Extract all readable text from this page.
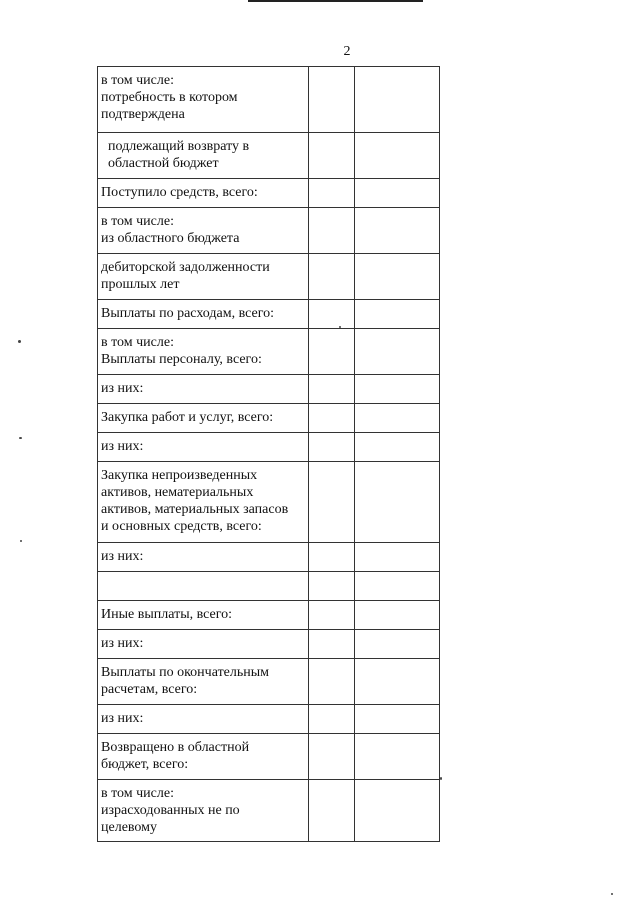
2
в том числе:
потребность в котором
подтверждена		

подлежащий возврату в
областной бюджет		

Поступило средств, всего:		

в том числе:
из областного бюджета		

дебиторской задолженности
прошлых лет		

Выплаты по расходам, всего:		

в том числе:
Выплаты персоналу, всего:		

из них:		

Закупка работ и услуг, всего:		

из них:		

Закупка непроизведенных
активов, нематериальных
активов, материальных запасов
и основных средств, всего:		

из них:		

Иные выплаты, всего:		

из них:		

Выплаты по окончательным
расчетам, всего:		

из них:		

Возвращено в областной
бюджет, всего:		

в том числе:
израсходованных не по
целевому		
